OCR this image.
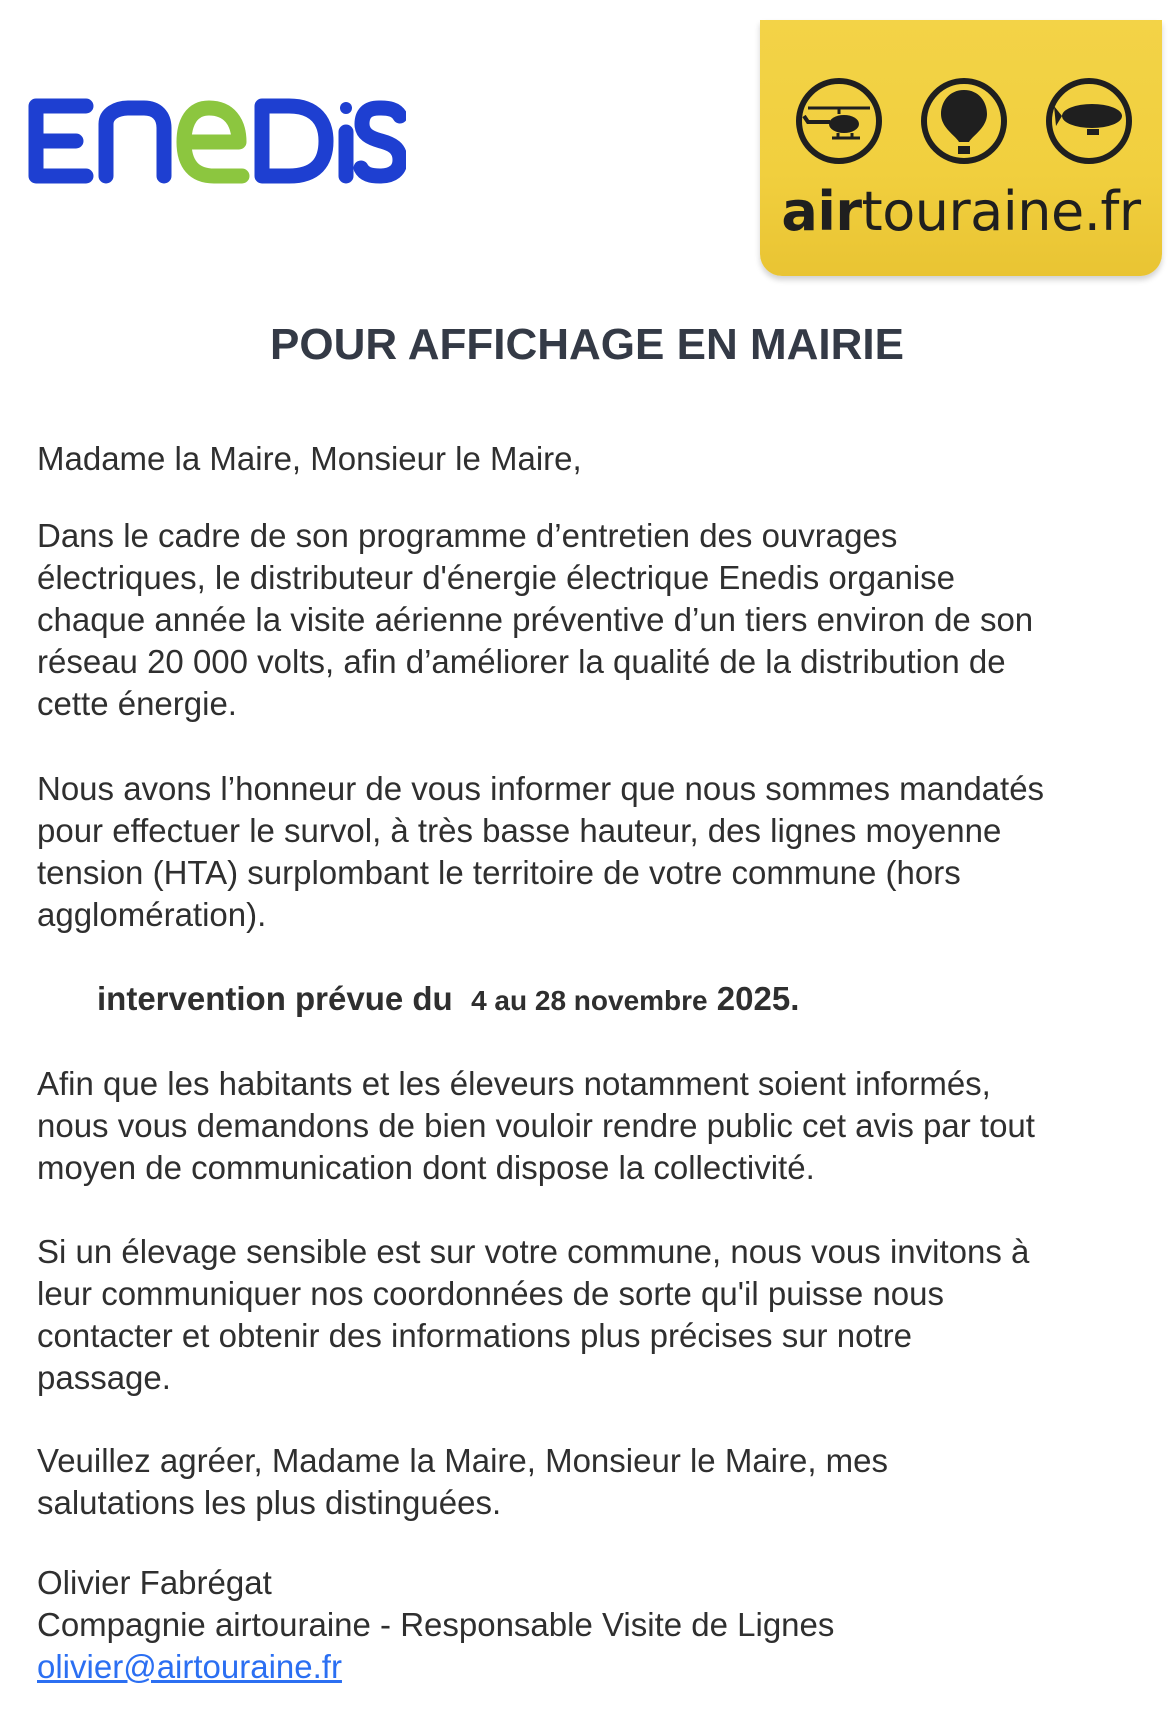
airtouraine.fr
POUR AFFICHAGE EN MAIRIE

Madame la Maire, Monsieur le Maire,

Dans le cadre de son programme d’entretien des ouvrages
électriques, le distributeur d'énergie électrique Enedis organise
chaque année la visite aérienne préventive d’un tiers environ de son
réseau 20 000 volts, afin d’améliorer la qualité de la distribution de
cette énergie.

Nous avons l’honneur de vous informer que nous sommes mandatés
pour effectuer le survol, à très basse hauteur, des lignes moyenne
tension (HTA) surplombant le territoire de votre commune (hors
agglomération).

intervention prévue du 4 au 28 novembre 2025.

Afin que les habitants et les éleveurs notamment soient informés,
nous vous demandons de bien vouloir rendre public cet avis par tout
moyen de communication dont dispose la collectivité.

Si un élevage sensible est sur votre commune, nous vous invitons à
leur communiquer nos coordonnées de sorte qu'il puisse nous
contacter et obtenir des informations plus précises sur notre
passage.

Veuillez agréer, Madame la Maire, Monsieur le Maire, mes
salutations les plus distinguées.

Olivier Fabrégat
Compagnie airtouraine - Responsable Visite de Lignes
olivier@airtouraine.fr
